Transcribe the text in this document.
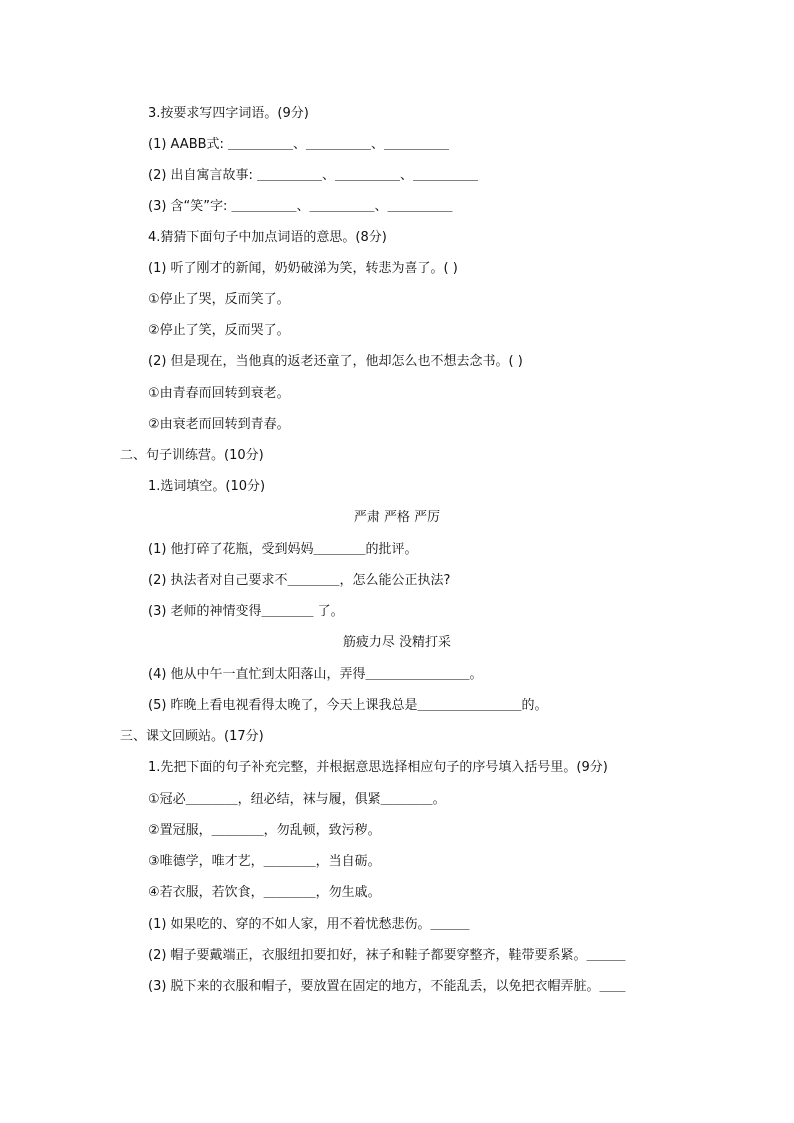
3.按要求写四字词语。(9分)
(1) AABB式: ＿＿＿＿＿、＿＿＿＿＿、＿＿＿＿＿
(2) 出自寓言故事: ＿＿＿＿＿、＿＿＿＿＿、＿＿＿＿＿
(3) 含“笑”字: ＿＿＿＿＿、＿＿＿＿＿、＿＿＿＿＿
4.猜猜下面句子中加点词语的意思。(8分)
(1) 听了刚才的新闻，奶奶破涕为笑，转悲为喜了。( )
①停止了哭，反而笑了。
②停止了笑，反而哭了。
(2) 但是现在，当他真的返老还童了，他却怎么也不想去念书。( )
①由青春而回转到衰老。
②由衰老而回转到青春。
二、句子训练营。(10分)
1.选词填空。(10分)
严肃 严格 严厉
(1) 他打碎了花瓶，受到妈妈＿＿＿＿的批评。
(2) 执法者对自己要求不＿＿＿＿，怎么能公正执法?
(3) 老师的神情变得＿＿＿＿ 了。
筋疲力尽 没精打采
(4) 他从中午一直忙到太阳落山，弄得＿＿＿＿＿＿＿＿。
(5) 昨晚上看电视看得太晚了，今天上课我总是＿＿＿＿＿＿＿＿的。
三、课文回顾站。(17分)
1.先把下面的句子补充完整，并根据意思选择相应句子的序号填入括号里。(9分)
①冠必＿＿＿＿，纽必结，袜与履，俱紧＿＿＿＿。
②置冠服，＿＿＿＿，勿乱顿，致污秽。
③唯德学，唯才艺，＿＿＿＿，当自砺。
④若衣服，若饮食，＿＿＿＿，勿生戚。
(1) 如果吃的、穿的不如人家，用不着忧愁悲伤。＿＿＿
(2) 帽子要戴端正，衣服纽扣要扣好，袜子和鞋子都要穿整齐，鞋带要系紧。＿＿＿
(3) 脱下来的衣服和帽子，要放置在固定的地方，不能乱丢，以免把衣帽弄脏。＿＿
